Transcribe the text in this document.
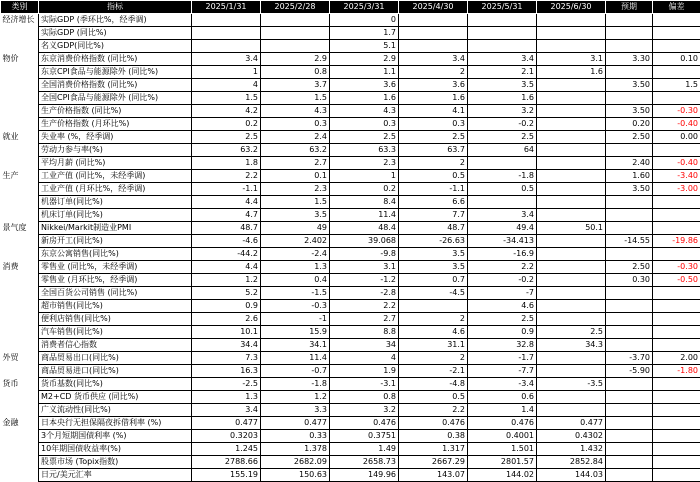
类别	指标	2025/1/31	2025/2/28	2025/3/31	2025/4/30	2025/5/31	2025/6/30	预期	偏差
经济增长	实际GDP (季环比%，经季调)			0					
	实际GDP (同比%)			1.7					
	名义GDP(同比%)			5.1					
物价	东京消费价格指数 (同比%)	3.4	2.9	2.9	3.4	3.4	3.1	3.30	0.10
	东京CPI食品与能源除外 (同比%)	1	0.8	1.1	2	2.1	1.6		
	全国消费价格指数 (同比%)	4	3.7	3.6	3.6	3.5		3.50	1.5
	全国CPI食品与能源除外 (同比%)	1.5	1.5	1.6	1.6	1.6			
	生产价格指数 (同比%)	4.2	4.3	4.3	4.1	3.2		3.50	-0.30
	生产价格指数 (月环比%)	0.2	0.3	0.3	0.3	-0.2		0.20	-0.40
就业	失业率 (%，经季调)	2.5	2.4	2.5	2.5	2.5		2.50	0.00
	劳动力参与率(%)	63.2	63.2	63.3	63.7	64			
	平均月薪 (同比%)	1.8	2.7	2.3	2			2.40	-0.40
生产	工业产值 (同比%，未经季调)	2.2	0.1	1	0.5	-1.8		1.60	-3.40
	工业产值 (月环比%，经季调)	-1.1	2.3	0.2	-1.1	0.5		3.50	-3.00
	机器订单(同比%)	4.4	1.5	8.4	6.6				
	机床订单(同比%)	4.7	3.5	11.4	7.7	3.4			
景气度	Nikkei/Markit制造业PMI	48.7	49	48.4	48.7	49.4	50.1		
	新房开工(同比%)	-4.6	2.402	39.068	-26.63	-34.413		-14.55	-19.86
	东京公寓销售(同比%)	-44.2	-2.4	-9.8	3.5	-16.9			
消费	零售业 (同比%，未经季调)	4.4	1.3	3.1	3.5	2.2		2.50	-0.30
	零售业 (月环比%，经季调)	1.2	0.4	-1.2	0.7	-0.2		0.30	-0.50
	全国百货公司销售 (同比%)	5.2	-1.5	-2.8	-4.5	-7			
	超市销售(同比%)	0.9	-0.3	2.2		4.6			
	便利店销售(同比%)	2.6	-1	2.7	2	2.5			
	汽车销售(同比%)	10.1	15.9	8.8	4.6	0.9	2.5		
	消费者信心指数	34.4	34.1	34	31.1	32.8	34.3		
外贸	商品贸易出口(同比%)	7.3	11.4	4	2	-1.7		-3.70	2.00
	商品贸易进口(同比%)	16.3	-0.7	1.9	-2.1	-7.7		-5.90	-1.80
货币	货币基数(同比%)	-2.5	-1.8	-3.1	-4.8	-3.4	-3.5		
	M2+CD 货币供应 (同比%)	1.3	1.2	0.8	0.5	0.6			
	广义流动性(同比%)	3.4	3.3	3.2	2.2	1.4			
金融	日本央行无担保隔夜拆借利率 (%)	0.477	0.477	0.476	0.476	0.476	0.477		
	3个月短期国债利率 (%)	0.3203	0.33	0.3751	0.38	0.4001	0.4302		
	10年期国债收益率(%)	1.245	1.378	1.49	1.317	1.501	1.432		
	股票市场 (Topix指数)	2788.66	2682.09	2658.73	2667.29	2801.57	2852.84		
	日元/美元汇率	155.19	150.63	149.96	143.07	144.02	144.03		
